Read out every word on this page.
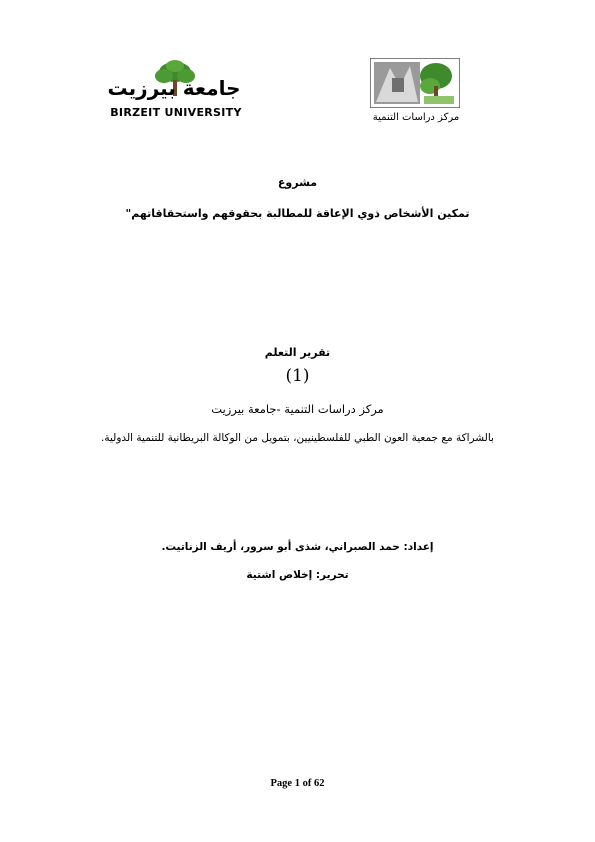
جامعة بيرزيت
BIRZEIT UNIVERSITY	مركز دراسات التنمية
مشروع
تمكين الأشخاص ذوي الإعاقة للمطالبة بحقوقهم واستحقاقاتهم"
تقرير التعلم
(1)
مركز دراسات التنمية -جامعة بيرزيت
بالشراكة مع جمعية العون الطبي للفلسطينيين، بتمويل من الوكالة البريطانية للتنمية الدولية.
إعداد: حمد الصبراني، شذى أبو سرور، أريف الزناتيت.
تحرير: إخلاص اشتية
Page 1 of 62
